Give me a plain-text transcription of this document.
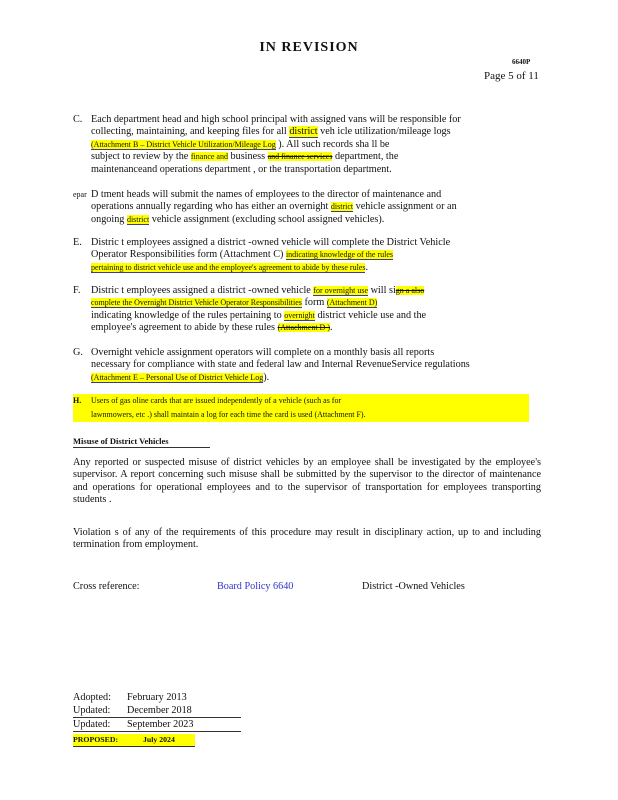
IN REVISION
6640P
Page 5 of 11
C. Each department head and high school principal with assigned vans will be responsible for
collecting, maintaining, and keeping files for all district veh icle utilization/mileage logs
(Attachment B – District Vehicle Utilization/Mileage Log ). All such records sha ll be
subject to review by the finance and business and finance services department, the
maintenanceand operations department , or the transportation department.
epar D tment heads will submit the names of employees to the director of maintenance and
operations annually regarding who has either an overnight district vehicle assignment or an
ongoing district vehicle assignment (excluding school assigned vehicles).
E. Distric t employees assigned a district -owned vehicle will complete the District Vehicle
Operator Responsibilities form (Attachment C) indicating knowledge of the rules
pertaining to district vehicle use and the employee's agreement to abide by these rules.
F. Distric t employees assigned a district -owned vehicle for overnight use will sign a also
complete the Overnight District Vehicle Operator Responsibilities form (Attachment D)
indicating knowledge of the rules pertaining to overnight district vehicle use and the
employee's agreement to abide by these rules (Attachment D ).
G. Overnight vehicle assignment operators will complete on a monthly basis all reports
necessary for compliance with state and federal law and Internal RevenueService regulations
(Attachment E – Personal Use of District Vehicle Log).
H. Users of gas oline cards that are issued independently of a vehicle (such as for
lawnmowers, etc .) shall maintain a log for each time the card is used (Attachment F).
Misuse of District Vehicles
Any reported or suspected misuse of district vehicles by an employee shall be investigated by the employee's supervisor. A report concerning such misuse shall be submitted by the supervisor to the director of maintenance and operations for operational employees and to the supervisor of transportation for employees transporting students .
Violation s of any of the requirements of this procedure may result in disciplinary action, up to and including termination from employment.
Cross reference:	Board Policy 6640	District -Owned Vehicles
Adopted: February 2013
Updated: December 2018
Updated: September 2023
PROPOSED:	July 2024
